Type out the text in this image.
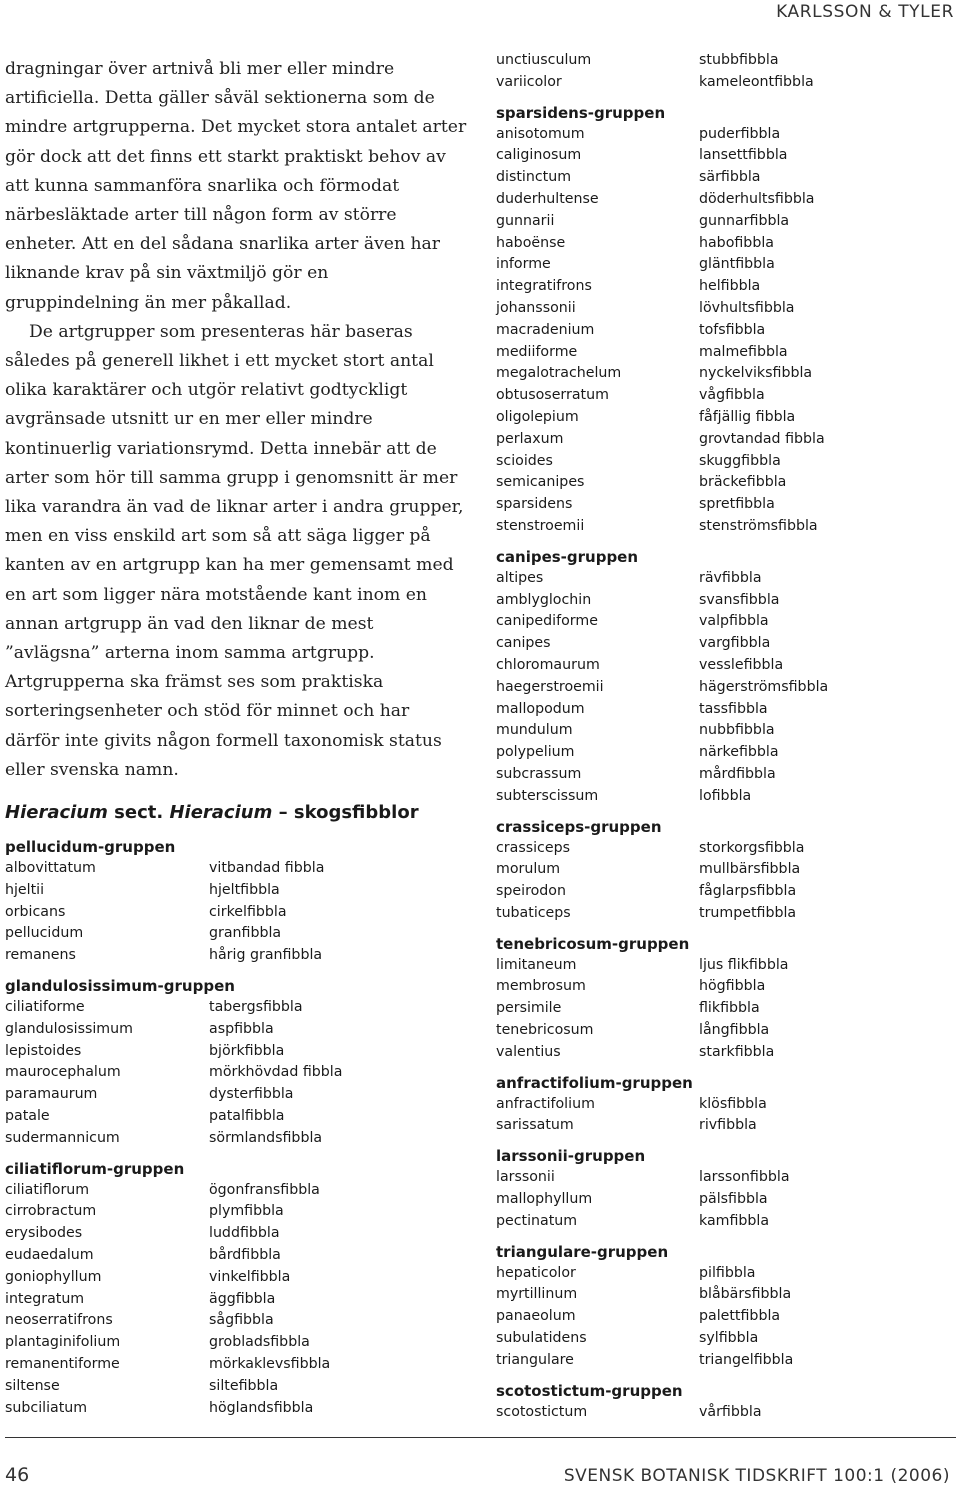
KARLSSON & TYLER

dragningar över artnivå bli mer eller mindre artificiella. Detta gäller såväl sektionerna som de mindre artgrupperna. Det mycket stora antalet arter gör dock att det finns ett starkt praktiskt behov av att kunna sammanföra snarlika och förmodat närbesläktade arter till någon form av större enheter. Att en del sådana snarlika arter även har liknande krav på sin växtmiljö gör en gruppindelning än mer påkallad.

De artgrupper som presenteras här baseras således på generell likhet i ett mycket stort antal olika karaktärer och utgör relativt godtyckligt avgränsade utsnitt ur en mer eller mindre kontinuerlig variationsrymd. Detta innebär att de arter som hör till samma grupp i genomsnitt är mer lika varandra än vad de liknar arter i andra grupper, men en viss enskild art som så att säga ligger på kanten av en artgrupp kan ha mer gemensamt med en art som ligger nära motstående kant inom en annan artgrupp än vad den liknar de mest ”avlägsna” arterna inom samma artgrupp. Artgrupperna ska främst ses som praktiska sorteringsenheter och stöd för minnet och har därför inte givits någon formell taxonomisk status eller svenska namn.

Hieracium sect. Hieracium – skogsfibblor
pellucidum-gruppen
albovittatum	vitbandad fibbla
hjeltii	hjeltfibbla
orbicans	cirkelfibbla
pellucidum	granfibbla
remanens	hårig granfibbla
glandulosissimum-gruppen
ciliatiforme	tabergsfibbla
glandulosissimum	aspfibbla
lepistoides	björkfibbla
maurocephalum	mörkhövdad fibbla
paramaurum	dysterfibbla
patale	patalfibbla
sudermannicum	sörmlandsfibbla
ciliatiflorum-gruppen
ciliatiflorum	ögonfransfibbla
cirrobractum	plymfibbla
erysibodes	luddfibbla
eudaedalum	bårdfibbla
goniophyllum	vinkelfibbla
integratum	äggfibbla
neoserratifrons	sågfibbla
plantaginifolium	grobladsfibbla
remanentiforme	mörkaklevsfibbla
siltense	siltefibbla
subciliatum	höglandsfibbla
unctiusculum	stubbfibbla
variicolor	kameleontfibbla
sparsidens-gruppen
anisotomum	puderfibbla
caliginosum	lansettfibbla
distinctum	särfibbla
duderhultense	döderhultsfibbla
gunnarii	gunnarfibbla
haboënse	habofibbla
informe	gläntfibbla
integratifrons	helfibbla
johanssonii	lövhultsfibbla
macradenium	tofsfibbla
mediiforme	malmefibbla
megalotrachelum	nyckelviksfibbla
obtusoserratum	vågfibbla
oligolepium	fåfjällig fibbla
perlaxum	grovtandad fibbla
scioides	skuggfibbla
semicanipes	bräckefibbla
sparsidens	spretfibbla
stenstroemii	stenströmsfibbla
canipes-gruppen
altipes	rävfibbla
amblyglochin	svansfibbla
canipediforme	valpfibbla
canipes	vargfibbla
chloromaurum	vesslefibbla
haegerstroemii	hägerströmsfibbla
mallopodum	tassfibbla
mundulum	nubbfibbla
polypelium	närkefibbla
subcrassum	mårdfibbla
subterscissum	lofibbla
crassiceps-gruppen
crassiceps	storkorgsfibbla
morulum	mullbärsfibbla
speirodon	fåglarpsfibbla
tubaticeps	trumpetfibbla
tenebricosum-gruppen
limitaneum	ljus flikfibbla
membrosum	högfibbla
persimile	flikfibbla
tenebricosum	långfibbla
valentius	starkfibbla
anfractifolium-gruppen
anfractifolium	klösfibbla
sarissatum	rivfibbla
larssonii-gruppen
larssonii	larssonfibbla
mallophyllum	pälsfibbla
pectinatum	kamfibbla
triangulare-gruppen
hepaticolor	pilfibbla
myrtillinum	blåbärsfibbla
panaeolum	palettfibbla
subulatidens	sylfibbla
triangulare	triangelfibbla
scotostictum-gruppen
scotostictum	vårfibbla
46	SVENSK BOTANISK TIDSKRIFT 100:1 (2006)
